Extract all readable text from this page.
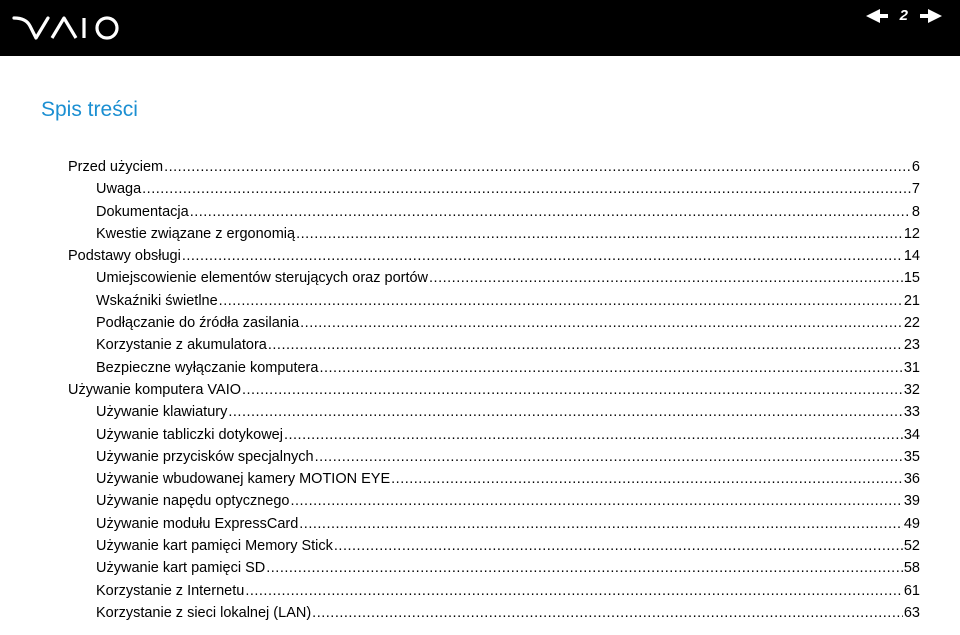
2
Spis treści
Przed użyciem .....	6
Uwaga .....	7
Dokumentacja .....	8
Kwestie związane z ergonomią .....	12
Podstawy obsługi .....	14
Umiejscowienie elementów sterujących oraz portów .....	15
Wskaźniki świetlne .....	21
Podłączanie do źródła zasilania .....	22
Korzystanie z akumulatora .....	23
Bezpieczne wyłączanie komputera .....	31
Używanie komputera VAIO .....	32
Używanie klawiatury .....	33
Używanie tabliczki dotykowej .....	34
Używanie przycisków specjalnych .....	35
Używanie wbudowanej kamery MOTION EYE .....	36
Używanie napędu optycznego .....	39
Używanie modułu ExpressCard .....	49
Używanie kart pamięci Memory Stick .....	52
Używanie kart pamięci SD .....	58
Korzystanie z Internetu .....	61
Korzystanie z sieci lokalnej (LAN) .....	63
